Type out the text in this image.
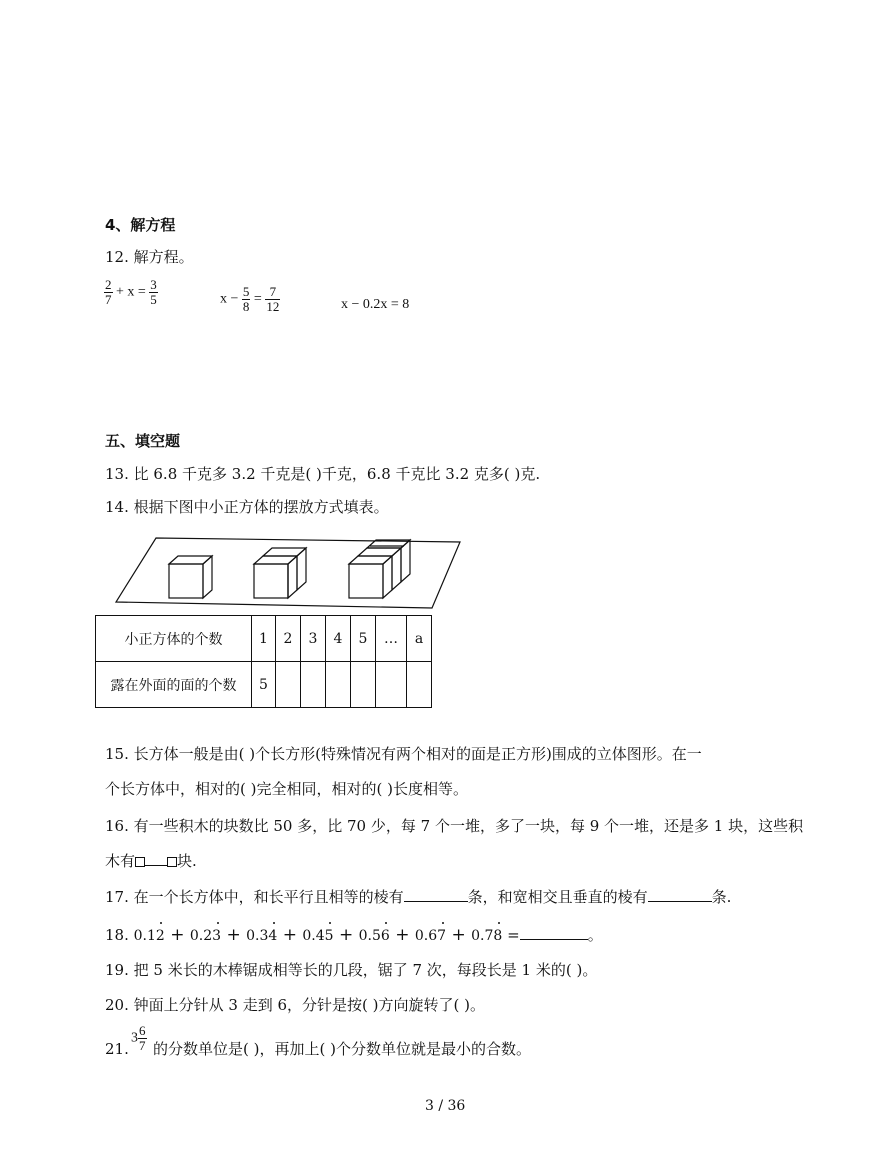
4、解方程
12. 解方程。
$\frac{2}{7} + x = \frac{3}{5}$	$x - \frac{5}{8} = \frac{7}{12}$	x − 0.2x = 8
五、填空题
13. 比 6.8 千克多 3.2 千克是( )千克，6.8 千克比 3.2 克多( )克.
14. 根据下图中小正方体的摆放方式填表。
小正方体的个数	1	2	3	4	5	…	a
露在外面的面的个数	5						
15. 长方体一般是由( )个长方形(特殊情况有两个相对的面是正方形)围成的立体图形。在一
个长方体中，相对的( )完全相同，相对的( )长度相等。
16. 有一些积木的块数比 50 多，比 70 少，每 7 个一堆，多了一块，每 9 个一堆，还是多 1 块，这些积
木有	块.
17. 在一个长方体中，和长平行且相等的棱有	条，和宽相交且垂直的棱有	条.
18. 0.12
+ 0.23
+ 0.34
+ 0.45
+ 0.56
+ 0.67
+ 0.78 =	。
19. 把 5 米长的木棒锯成相等长的几段，锯了 7 次，每段长是 1 米的( )。
20. 钟面上分针从 3 走到 6，分针是按( )方向旋转了( )。
21.
$3 \frac{6}{7}$ 的分数单位是( )，再加上( )个分数单位就是最小的合数。
3 / 36
